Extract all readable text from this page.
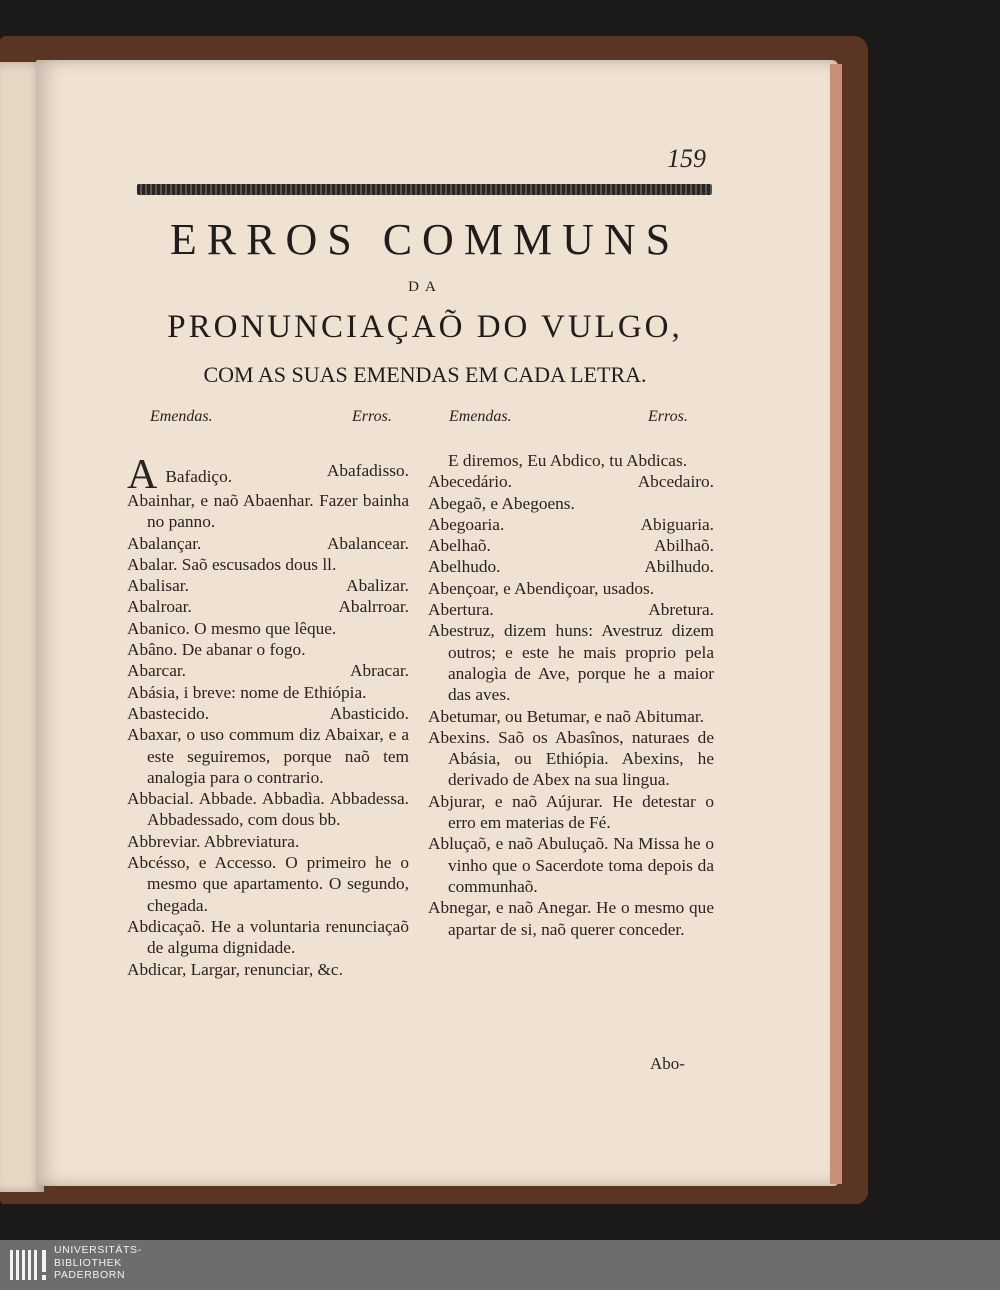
159
ERROS COMMUNS
DA
PRONUNCIAÇAÕ DO VULGO,
COM AS SUAS EMENDAS EM CADA LETRA.
Emendas.	Erros.	Emendas.	Erros.
A Bafadiço.	Abafadisso.
Abainhar, e naõ Abaenhar. Fazer bainha no panno.
Abalançar.	Abalancear.
Abalar. Saõ escusados dous ll.
Abalisar.	Abalizar.
Abalroar.	Abalrroar.
Abanico. O mesmo que lêque.
Abâno. De abanar o fogo.
Abarcar.	Abracar.
Abásia, i breve: nome de Ethiópia.
Abastecido.	Abasticido.
Abaxar, o uso commum diz Abaixar, e a este seguiremos, porque naõ tem analogia para o contrario.
Abbacial. Abbade. Abbadìa. Abbadessa. Abbadessado, com dous bb.
Abbreviar. Abbreviatura.
Abcésso, e Accesso. O primeiro he o mesmo que apartamento. O segundo, chegada.
Abdicaçaõ. He a voluntaria renunciaçaõ de alguma dignidade.
Abdicar, Largar, renunciar, &c.
E diremos, Eu Abdico, tu Abdicas.
Abecedário.	Abcedairo.
Abegaõ, e Abegoens.
Abegoaria.	Abiguaria.
Abelhaõ.	Abilhaõ.
Abelhudo.	Abilhudo.
Abençoar, e Abendiçoar, usados.
Abertura.	Abretura.
Abestruz, dizem huns: Avestruz dizem outros; e este he mais proprio pela analogìa de Ave, porque he a maior das aves.
Abetumar, ou Betumar, e naõ Abitumar.
Abexins. Saõ os Abasînos, naturaes de Abásia, ou Ethiópia. Abexins, he derivado de Abex na sua lingua.
Abjurar, e naõ Aújurar. He detestar o erro em materias de Fé.
Abluçaõ, e naõ Abuluçaõ. Na Missa he o vinho que o Sacerdote toma depois da communhaõ.
Abnegar, e naõ Anegar. He o mesmo que apartar de si, naõ querer conceder.
Abo-
UNIVERSITÄTS-
BIBLIOTHEK
PADERBORN
